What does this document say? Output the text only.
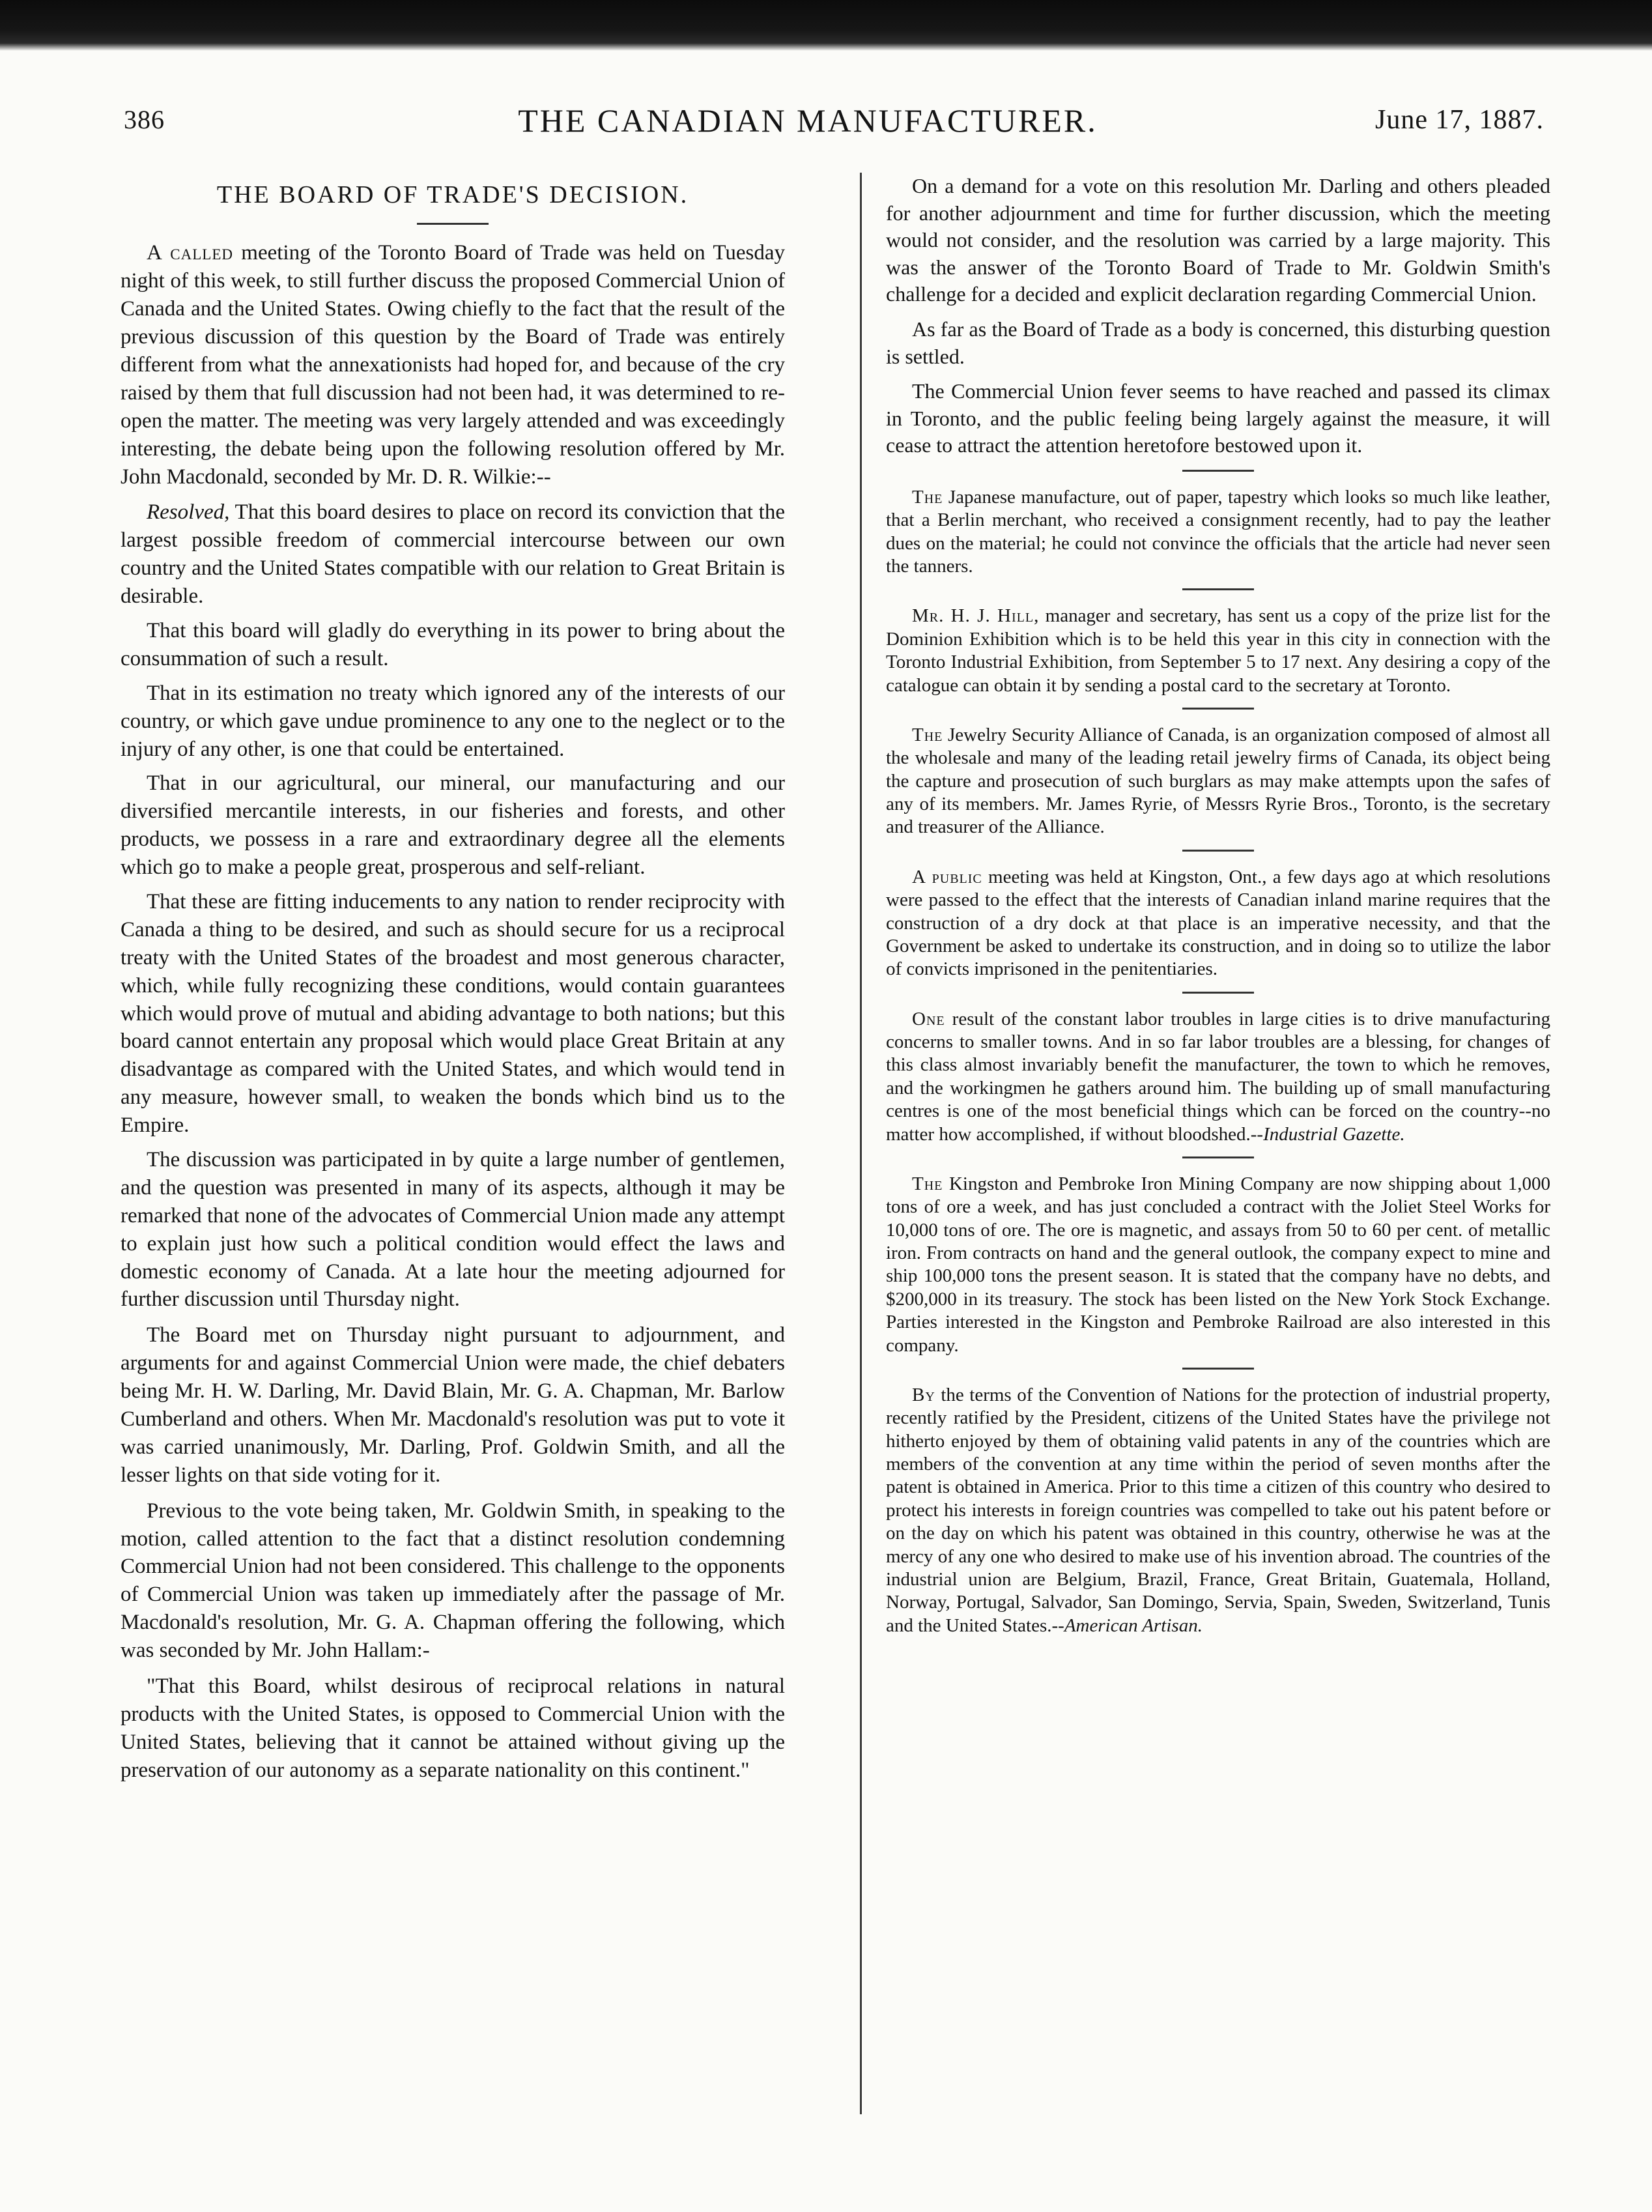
386	THE CANADIAN MANUFACTURER.	June 17, 1887.
THE BOARD OF TRADE'S DECISION.

A called meeting of the Toronto Board of Trade was held on Tuesday night of this week, to still further discuss the proposed Commercial Union of Canada and the United States. Owing chiefly to the fact that the result of the previous discussion of this question by the Board of Trade was entirely different from what the annexationists had hoped for, and because of the cry raised by them that full discussion had not been had, it was determined to re-open the matter. The meeting was very largely attended and was exceedingly interesting, the debate being upon the following resolution offered by Mr. John Macdonald, seconded by Mr. D. R. Wilkie:--

Resolved, That this board desires to place on record its conviction that the largest possible freedom of commercial intercourse between our own country and the United States compatible with our relation to Great Britain is desirable.

That this board will gladly do everything in its power to bring about the consummation of such a result.

That in its estimation no treaty which ignored any of the interests of our country, or which gave undue prominence to any one to the neglect or to the injury of any other, is one that could be entertained.

That in our agricultural, our mineral, our manufacturing and our diversified mercantile interests, in our fisheries and forests, and other products, we possess in a rare and extraordinary degree all the elements which go to make a people great, prosperous and self-reliant.

That these are fitting inducements to any nation to render reciprocity with Canada a thing to be desired, and such as should secure for us a reciprocal treaty with the United States of the broadest and most generous character, which, while fully recognizing these conditions, would contain guarantees which would prove of mutual and abiding advantage to both nations; but this board cannot entertain any proposal which would place Great Britain at any disadvantage as compared with the United States, and which would tend in any measure, however small, to weaken the bonds which bind us to the Empire.

The discussion was participated in by quite a large number of gentlemen, and the question was presented in many of its aspects, although it may be remarked that none of the advocates of Commercial Union made any attempt to explain just how such a political condition would effect the laws and domestic economy of Canada. At a late hour the meeting adjourned for further discussion until Thursday night.

The Board met on Thursday night pursuant to adjournment, and arguments for and against Commercial Union were made, the chief debaters being Mr. H. W. Darling, Mr. David Blain, Mr. G. A. Chapman, Mr. Barlow Cumberland and others. When Mr. Macdonald's resolution was put to vote it was carried unanimously, Mr. Darling, Prof. Goldwin Smith, and all the lesser lights on that side voting for it.

Previous to the vote being taken, Mr. Goldwin Smith, in speaking to the motion, called attention to the fact that a distinct resolution condemning Commercial Union had not been considered. This challenge to the opponents of Commercial Union was taken up immediately after the passage of Mr. Macdonald's resolution, Mr. G. A. Chapman offering the following, which was seconded by Mr. John Hallam:-

"That this Board, whilst desirous of reciprocal relations in natural products with the United States, is opposed to Commercial Union with the United States, believing that it cannot be attained without giving up the preservation of our autonomy as a separate nationality on this continent."

On a demand for a vote on this resolution Mr. Darling and others pleaded for another adjournment and time for further discussion, which the meeting would not consider, and the resolution was carried by a large majority. This was the answer of the Toronto Board of Trade to Mr. Goldwin Smith's challenge for a decided and explicit declaration regarding Commercial Union.

As far as the Board of Trade as a body is concerned, this disturbing question is settled.

The Commercial Union fever seems to have reached and passed its climax in Toronto, and the public feeling being largely against the measure, it will cease to attract the attention heretofore bestowed upon it.

The Japanese manufacture, out of paper, tapestry which looks so much like leather, that a Berlin merchant, who received a consignment recently, had to pay the leather dues on the material; he could not convince the officials that the article had never seen the tanners.

Mr. H. J. Hill, manager and secretary, has sent us a copy of the prize list for the Dominion Exhibition which is to be held this year in this city in connection with the Toronto Industrial Exhibition, from September 5 to 17 next. Any desiring a copy of the catalogue can obtain it by sending a postal card to the secretary at Toronto.

The Jewelry Security Alliance of Canada, is an organization composed of almost all the wholesale and many of the leading retail jewelry firms of Canada, its object being the capture and prosecution of such burglars as may make attempts upon the safes of any of its members. Mr. James Ryrie, of Messrs Ryrie Bros., Toronto, is the secretary and treasurer of the Alliance.

A public meeting was held at Kingston, Ont., a few days ago at which resolutions were passed to the effect that the interests of Canadian inland marine requires that the construction of a dry dock at that place is an imperative necessity, and that the Government be asked to undertake its construction, and in doing so to utilize the labor of convicts imprisoned in the penitentiaries.

One result of the constant labor troubles in large cities is to drive manufacturing concerns to smaller towns. And in so far labor troubles are a blessing, for changes of this class almost invariably benefit the manufacturer, the town to which he removes, and the workingmen he gathers around him. The building up of small manufacturing centres is one of the most beneficial things which can be forced on the country--no matter how accomplished, if without bloodshed.--Industrial Gazette.

The Kingston and Pembroke Iron Mining Company are now shipping about 1,000 tons of ore a week, and has just concluded a contract with the Joliet Steel Works for 10,000 tons of ore. The ore is magnetic, and assays from 50 to 60 per cent. of metallic iron. From contracts on hand and the general outlook, the company expect to mine and ship 100,000 tons the present season. It is stated that the company have no debts, and $200,000 in its treasury. The stock has been listed on the New York Stock Exchange. Parties interested in the Kingston and Pembroke Railroad are also interested in this company.

By the terms of the Convention of Nations for the protection of industrial property, recently ratified by the President, citizens of the United States have the privilege not hitherto enjoyed by them of obtaining valid patents in any of the countries which are members of the convention at any time within the period of seven months after the patent is obtained in America. Prior to this time a citizen of this country who desired to protect his interests in foreign countries was compelled to take out his patent before or on the day on which his patent was obtained in this country, otherwise he was at the mercy of any one who desired to make use of his invention abroad. The countries of the industrial union are Belgium, Brazil, France, Great Britain, Guatemala, Holland, Norway, Portugal, Salvador, San Domingo, Servia, Spain, Sweden, Switzerland, Tunis and the United States.--American Artisan.
